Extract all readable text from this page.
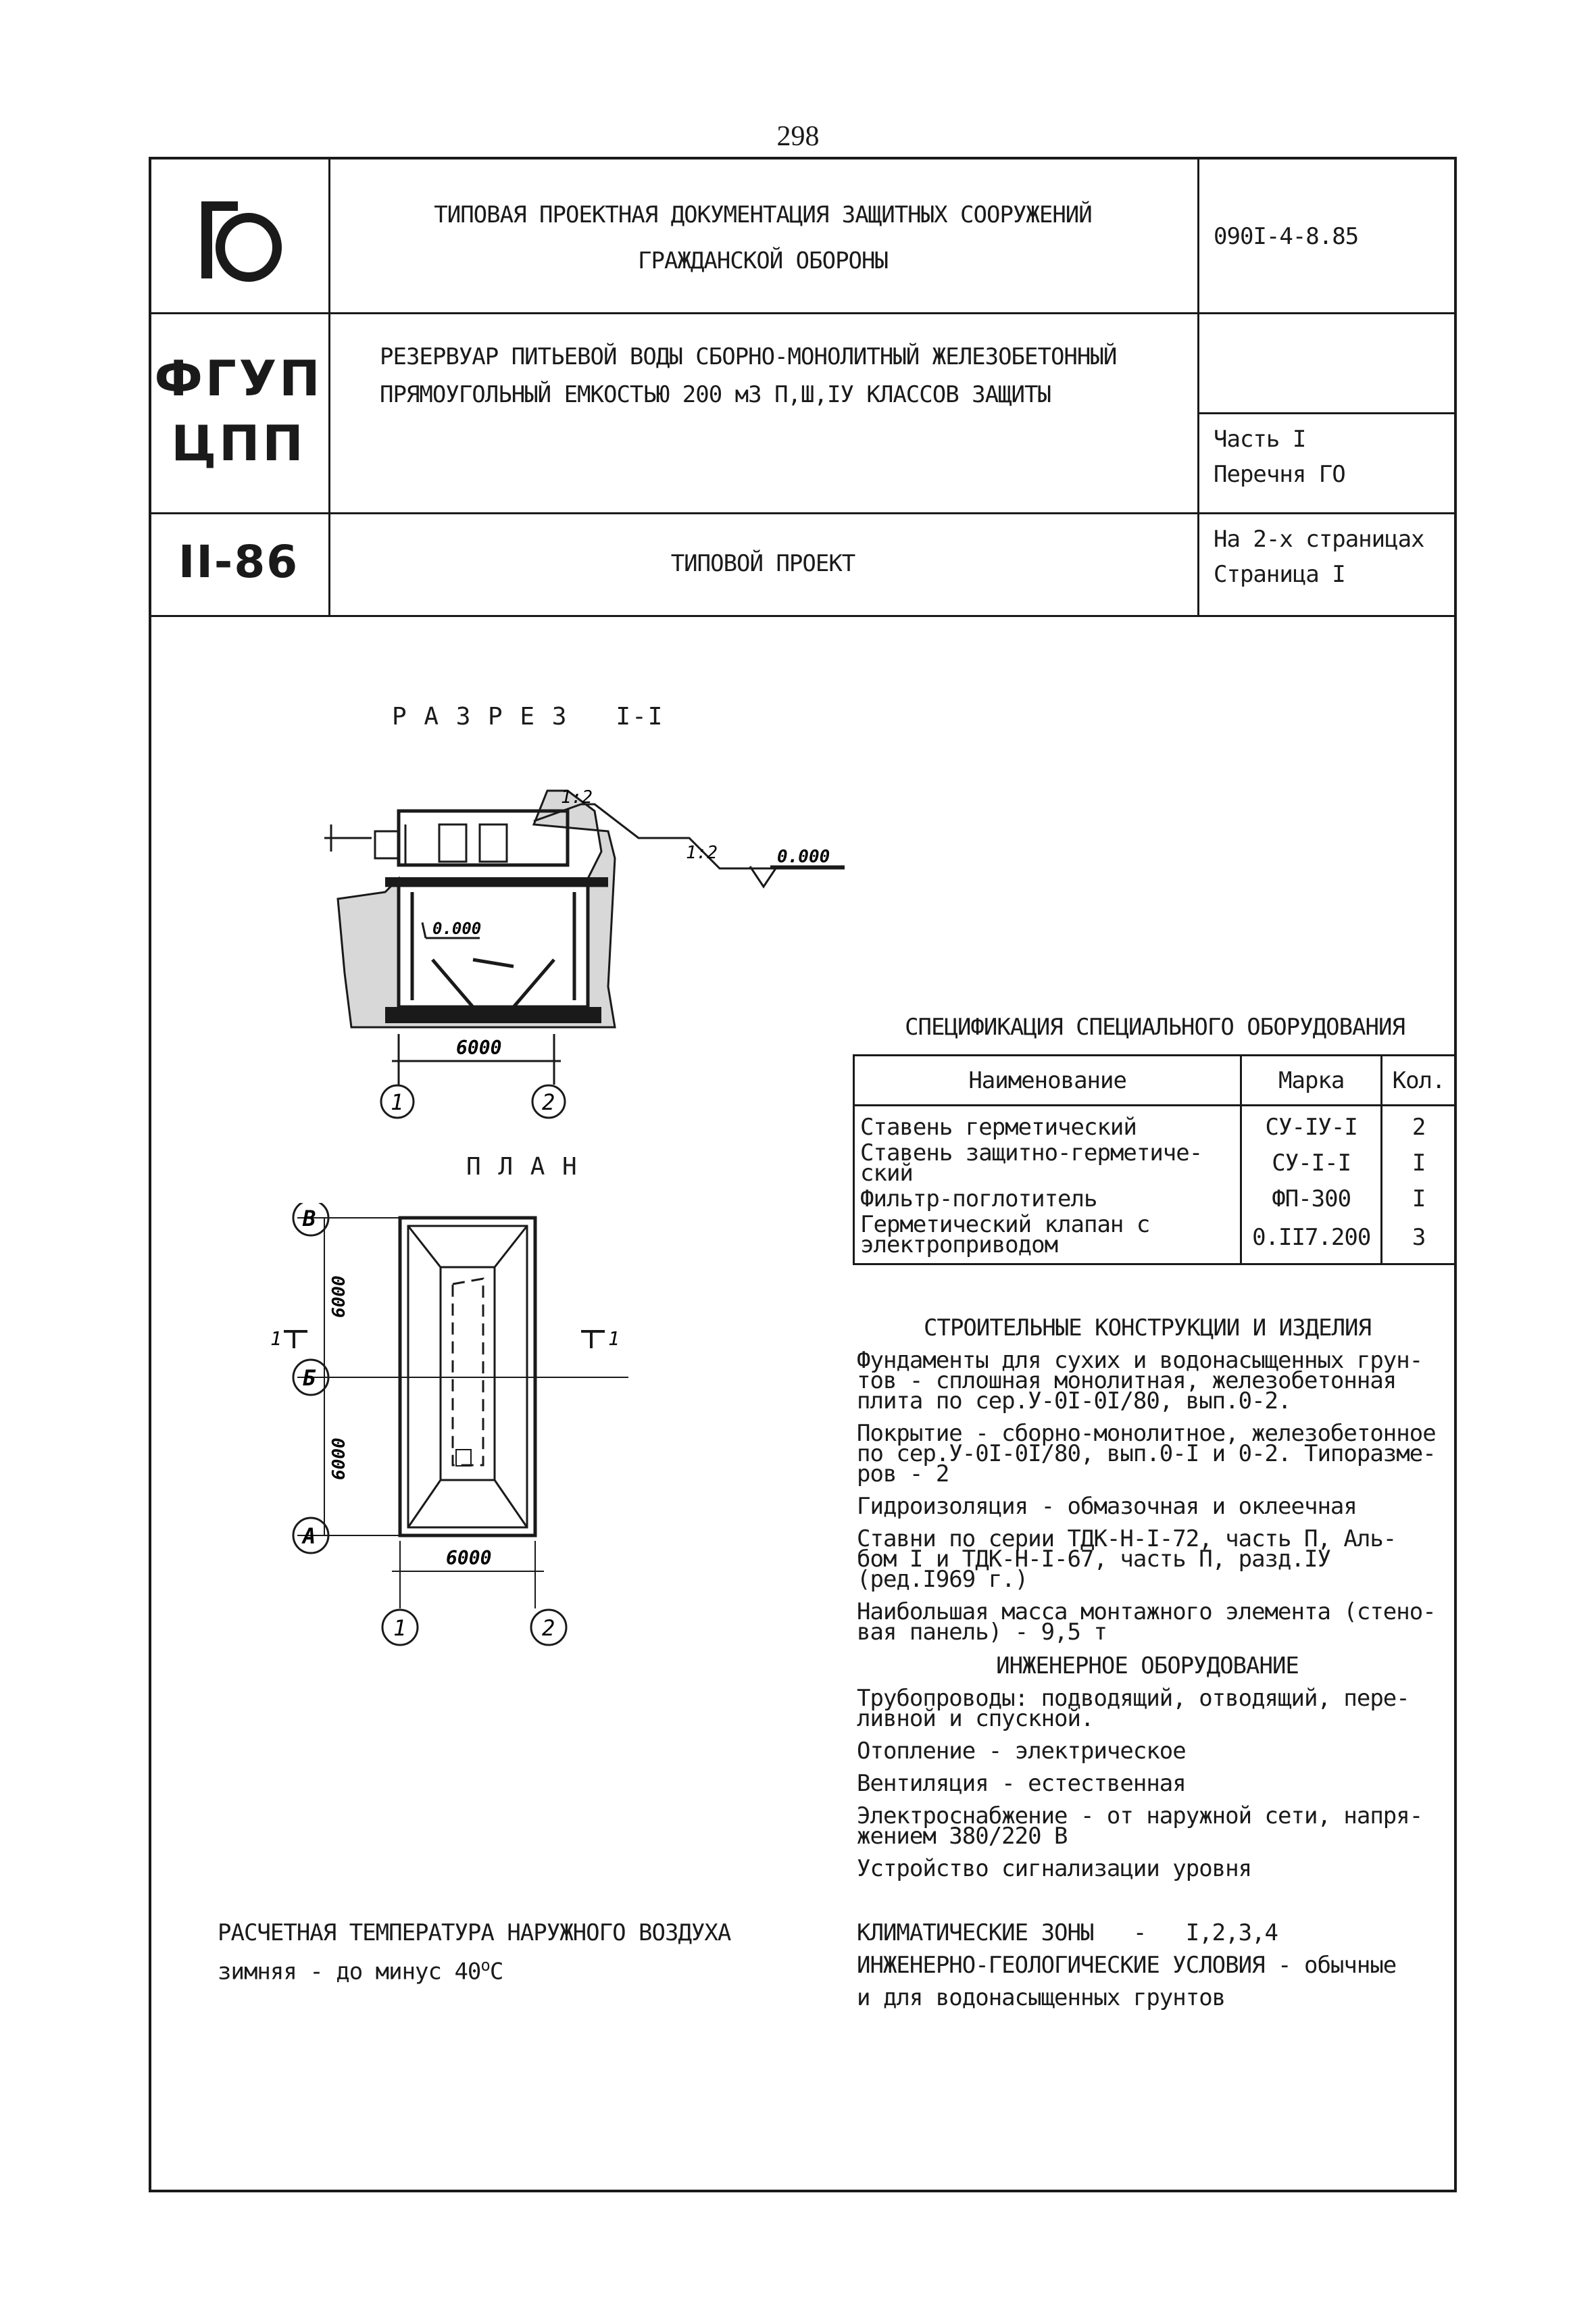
298
ТИПОВАЯ ПРОЕКТНАЯ ДОКУМЕНТАЦИЯ ЗАЩИТНЫХ СООРУЖЕНИЙ
ГРАЖДАНСКОЙ ОБОРОНЫ
090I-4-8.85
ФГУП
ЦПП
РЕЗЕРВУАР ПИТЬЕВОЙ ВОДЫ СБОРНО-МОНОЛИТНЫЙ ЖЕЛЕЗОБЕТОННЫЙ
ПРЯМОУГОЛЬНЫЙ ЕМКОСТЬЮ 200 м3 П,Ш,IУ КЛАССОВ ЗАЩИТЫ
Часть I
Перечня ГО
II-86	ТИПОВОЙ ПРОЕКТ
На 2-х страницах
Страница I
Р А З Р Е З   I-I
П Л А Н
1:2
1:2	0.000
0.000
6000
1	2
1	1
6000
6000
6000
В
Б
А
1	2
СПЕЦИФИКАЦИЯ СПЕЦИАЛЬНОГО ОБОРУДОВАНИЯ
Наименование	Марка	Кол.

Ставень герметический	СУ-IУ-I	2

Ставень защитно-герметиче-
ский	СУ-I-I	I

Фильтр-поглотитель	ФП-300	I

Герметический клапан с
электроприводом	0.II7.200	3
СТРОИТЕЛЬНЫЕ КОНСТРУКЦИИ И ИЗДЕЛИЯ

Фундаменты для сухих и водонасыщенных грун-
тов - сплошная монолитная, железобетонная
плита по сер.У-0I-0I/80, вып.0-2.

Покрытие - сборно-монолитное, железобетонное
по сер.У-0I-0I/80, вып.0-I и 0-2. Типоразме-
ров - 2

Гидроизоляция - обмазочная и оклеечная

Ставни по серии ТДК-Н-I-72, часть П, Аль-
бом I и ТДК-Н-I-67, часть П, разд.IУ
(ред.I969 г.)

Наибольшая масса монтажного элемента (стено-
вая панель) - 9,5 т

ИНЖЕНЕРНОЕ ОБОРУДОВАНИЕ

Трубопроводы: подводящий, отводящий, пере-
ливной и спускной.

Отопление - электрическое

Вентиляция - естественная

Электроснабжение - от наружной сети, напря-
жением 380/220 В

Устройство сигнализации уровня

РАСЧЕТНАЯ ТЕМПЕРАТУРА НАРУЖНОГО ВОЗДУХА
зимняя - до минус $40^оС$
КЛИМАТИЧЕСКИЕ ЗОНЫ   -   I,2,3,4
ИНЖЕНЕРНО-ГЕОЛОГИЧЕСКИЕ УСЛОВИЯ - обычные
и для водонасыщенных грунтов
